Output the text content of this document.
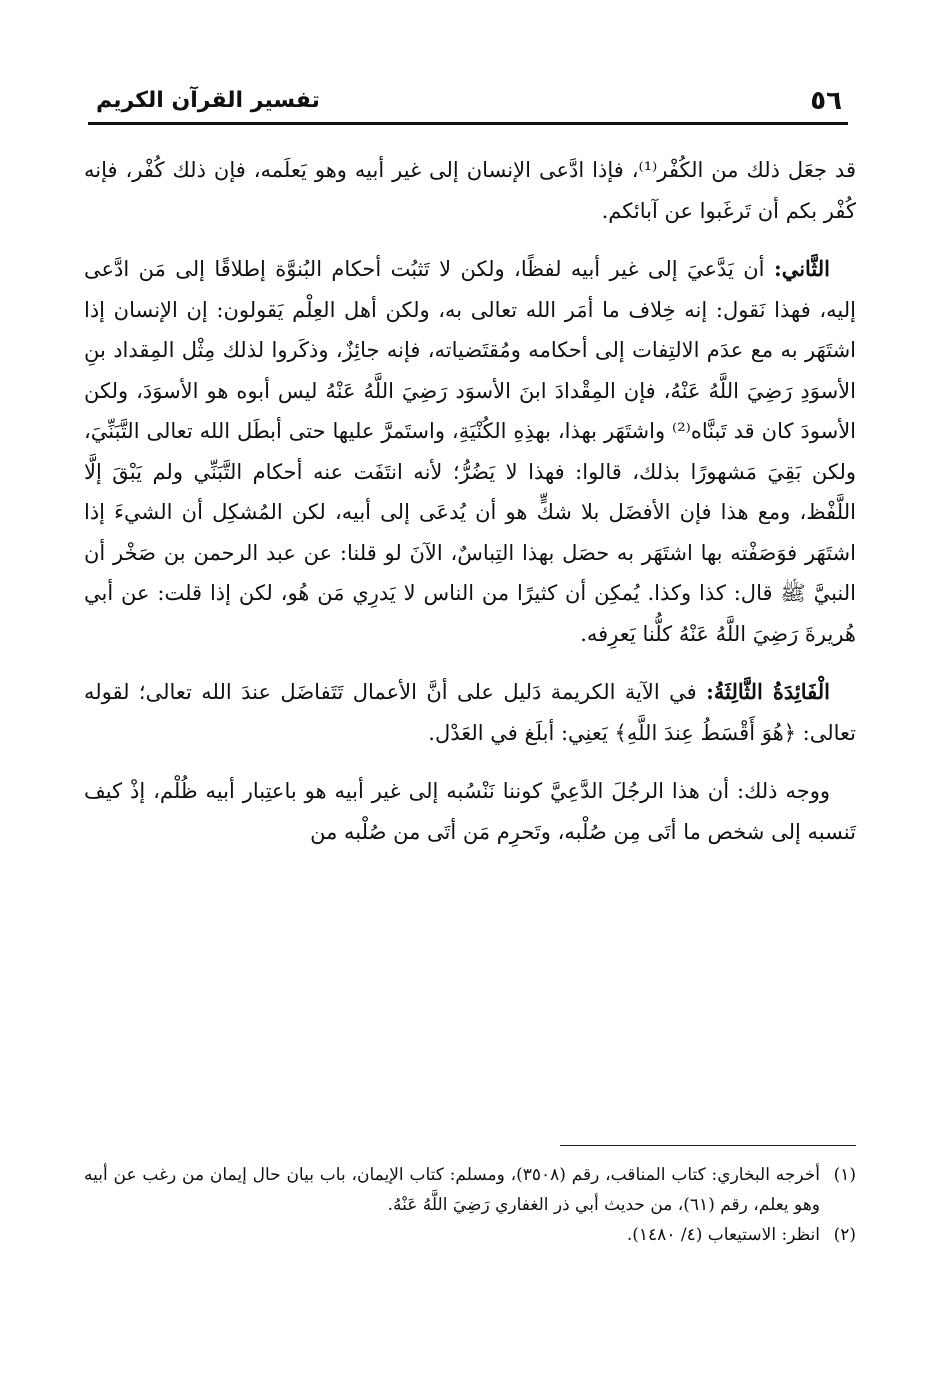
٥٦
تفسير القرآن الكريم

قد جعَل ذلك من الكُفْر⁽¹⁾، فإذا ادَّعى الإنسان إلى غير أبيه وهو يَعلَمه، فإن ذلك كُفْر، فإنه كُفْر بكم أن تَرغَبوا عن آبائكم.

الثَّاني: أن يَدَّعيَ إلى غير أبيه لفظًا، ولكن لا تَثبُت أحكام البُنوَّة إطلاقًا إلى مَن ادَّعى إليه، فهذا نَقول: إنه خِلاف ما أمَر الله تعالى به، ولكن أهل العِلْم يَقولون: إن الإنسان إذا اشتَهَر به مع عدَم الالتِفات إلى أحكامه ومُقتَضياته، فإنه جائِزٌ، وذكَروا لذلك مِثْل المِقداد بنِ الأسوَدِ رَضِيَ اللَّهُ عَنْهُ، فإن المِقْدادَ ابنَ الأسوَد رَضِيَ اللَّهُ عَنْهُ ليس أبوه هو الأسوَدَ، ولكن الأسودَ كان قد تَبنَّاه⁽²⁾ واشتَهَر بهذا، بهذِهِ الكُنْيَةِ، واستَمرَّ عليها حتى أبطَل الله تعالى التَّبَنِّيَ، ولكن بَقِيَ مَشهورًا بذلك، قالوا: فهذا لا يَضُرُّ؛ لأنه انتَفَت عنه أحكام التَّبَنِّي ولم يَبْقَ إلَّا اللَّفْظ، ومع هذا فإن الأفضَل بلا شكٍّ هو أن يُدعَى إلى أبيه، لكن المُشكِل أن الشيءَ إذا اشتَهَر فوَصَفْته بها اشتَهَر به حصَل بهذا التِباسٌ، الآنَ لو قلنا: عن عبد الرحمن بن صَخْر أن النبيَّ ﷺ قال: كذا وكذا. يُمكِن أن كثيرًا من الناس لا يَدرِي مَن هُو، لكن إذا قلت: عن أبي هُريرةَ رَضِيَ اللَّهُ عَنْهُ كلُّنا يَعرِفه.

الْفَائِدَةُ الثَّالِثَةُ: في الآية الكريمة دَليل على أنَّ الأعمال تَتَفاضَل عندَ الله تعالى؛ لقوله تعالى: ﴿هُوَ أَقْسَطُ عِندَ اللَّهِ﴾ يَعنِي: أبلَغ في العَدْل.

ووجه ذلك: أن هذا الرجُلَ الدَّعِيَّ كوننا نَنْسُبه إلى غير أبيه هو باعتِبار أبيه ظُلْم، إذْ كيف تَنسبه إلى شخص ما أتَى مِن صُلْبه، وتَحرِم مَن أتَى من صُلْبه من

(١)أخرجه البخاري: كتاب المناقب، رقم (٣٥٠٨)، ومسلم: كتاب الإيمان، باب بيان حال إيمان من رغب عن أبيه وهو يعلم، رقم (٦١)، من حديث أبي ذر الغفاري رَضِيَ اللَّهُ عَنْهُ.

(٢)انظر: الاستيعاب (٤/ ١٤٨٠).
